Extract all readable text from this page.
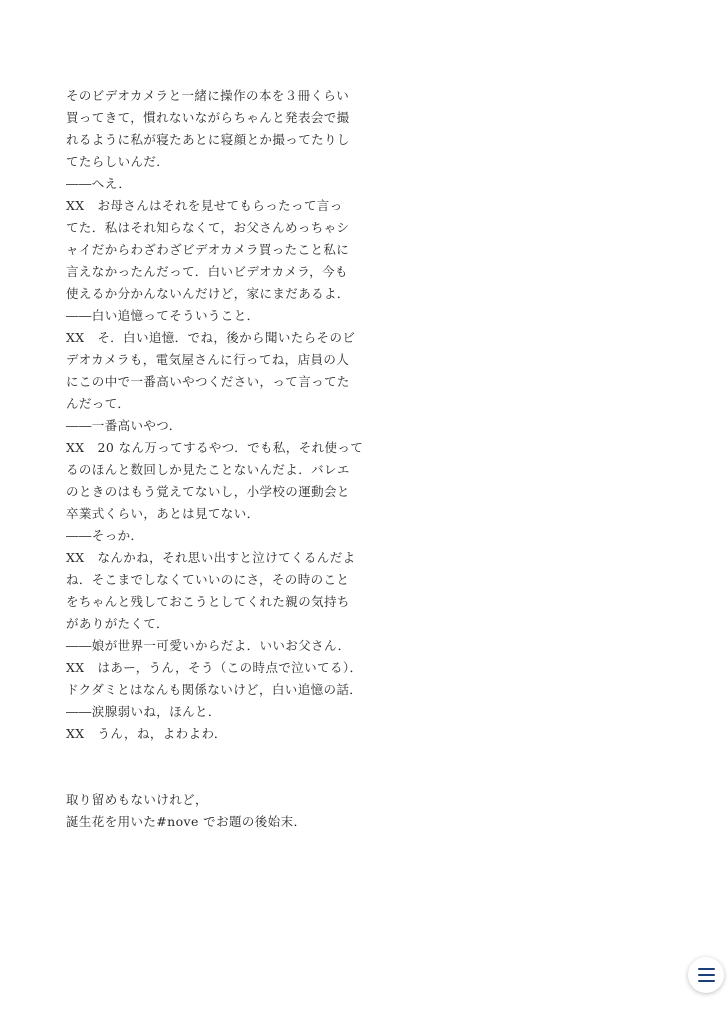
そのビデオカメラと一緒に操作の本を３冊くらい
買ってきて，慣れないながらちゃんと発表会で撮
れるように私が寝たあとに寝顔とか撮ってたりし
てたらしいんだ．
――へえ．
XX　お母さんはそれを見せてもらったって言っ
てた．私はそれ知らなくて，お父さんめっちゃシ
ャイだからわざわざビデオカメラ買ったこと私に
言えなかったんだって．白いビデオカメラ，今も
使えるか分かんないんだけど，家にまだあるよ．
――白い追憶ってそういうこと．
XX　そ．白い追憶．でね，後から聞いたらそのビ
デオカメラも，電気屋さんに行ってね，店員の人
にこの中で一番高いやつください，って言ってた
んだって．
――一番高いやつ．
XX　20 なん万ってするやつ．でも私，それ使って
るのほんと数回しか見たことないんだよ．バレエ
のときのはもう覚えてないし，小学校の運動会と
卒業式くらい，あとは見てない．
――そっか．
XX　なんかね，それ思い出すと泣けてくるんだよ
ね．そこまでしなくていいのにさ，その時のこと
をちゃんと残しておこうとしてくれた親の気持ち
がありがたくて．
――娘が世界一可愛いからだよ．いいお父さん．
XX　はあー，うん，そう（この時点で泣いてる）．
ドクダミとはなんも関係ないけど，白い追憶の話．
――涙腺弱いね，ほんと．
XX　うん，ね，よわよわ．
取り留めもないけれど，
誕生花を用いた#nove でお題の後始末．
